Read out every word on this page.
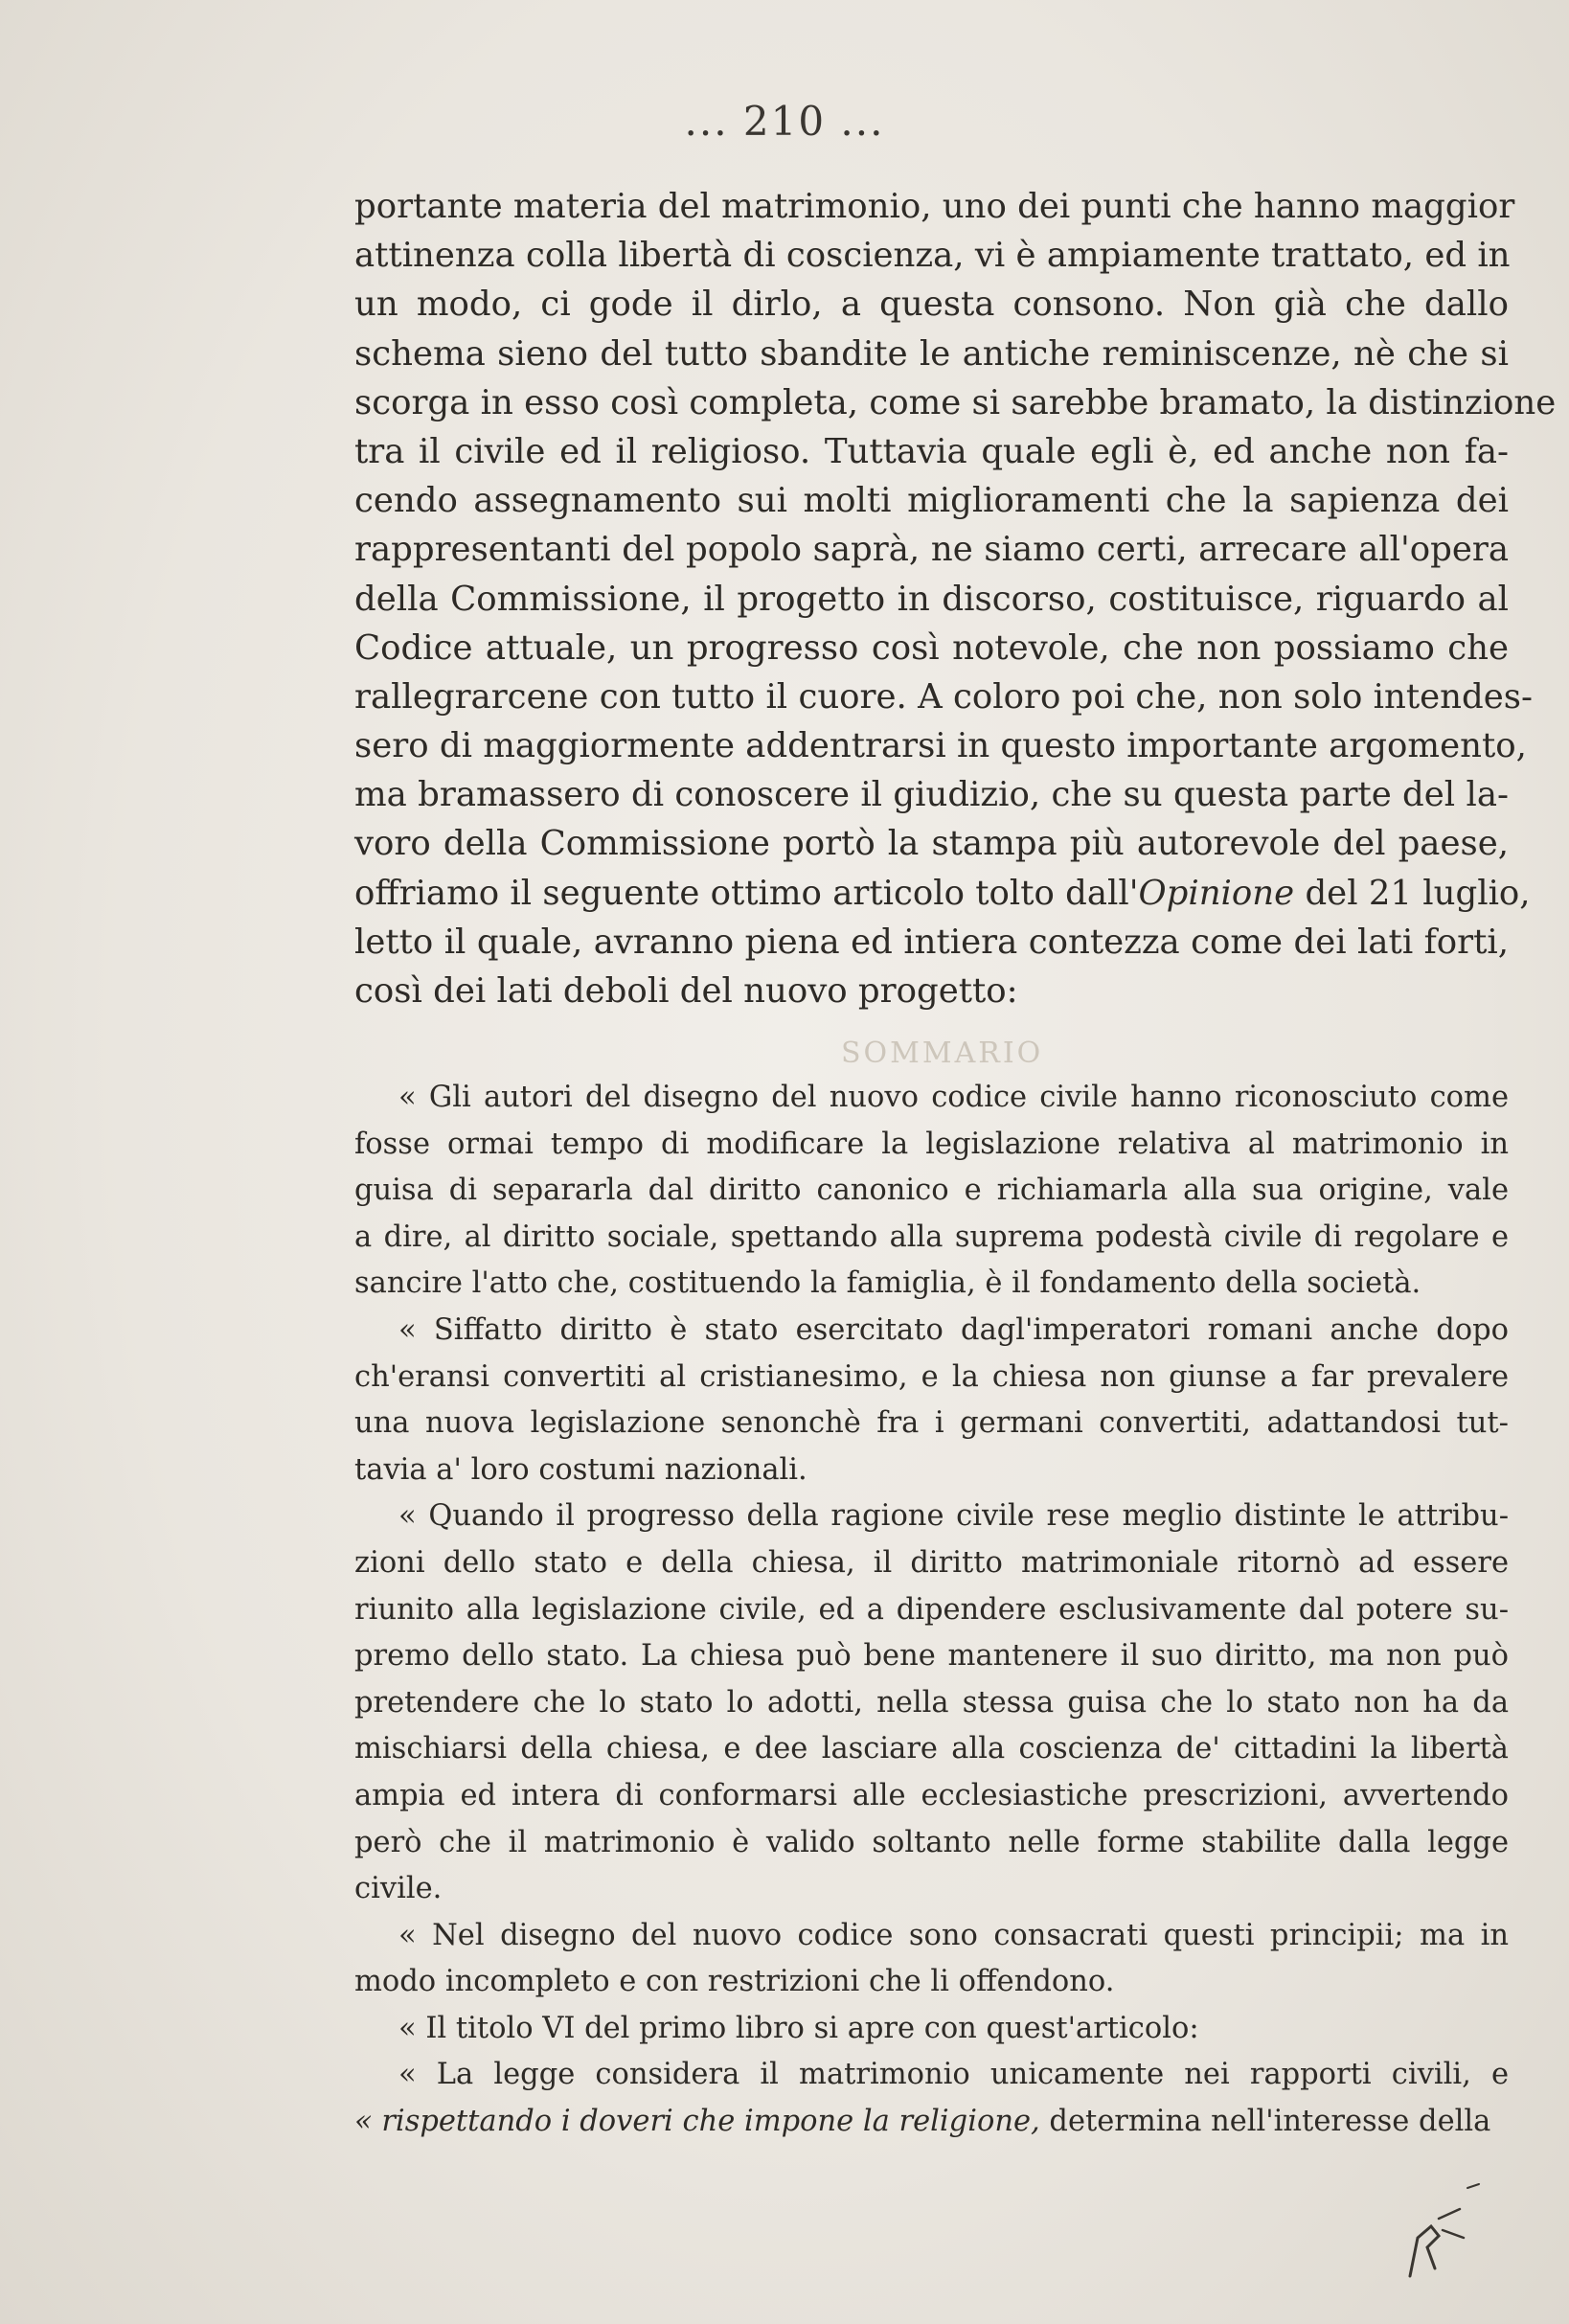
SOMMARIO
... 210 ...
portante materia del matrimonio, uno dei punti che hanno maggior
attinenza colla libertà di coscienza, vi è ampiamente trattato, ed in
un modo, ci gode il dirlo, a questa consono. Non già che dallo
schema sieno del tutto sbandite le antiche reminiscenze, nè che si
scorga in esso così completa, come si sarebbe bramato, la distinzione
tra il civile ed il religioso. Tuttavia quale egli è, ed anche non fa-
cendo assegnamento sui molti miglioramenti che la sapienza dei
rappresentanti del popolo saprà, ne siamo certi, arrecare all'opera
della Commissione, il progetto in discorso, costituisce, riguardo al
Codice attuale, un progresso così notevole, che non possiamo che
rallegrarcene con tutto il cuore. A coloro poi che, non solo intendes-
sero di maggiormente addentrarsi in questo importante argomento,
ma bramassero di conoscere il giudizio, che su questa parte del la-
voro della Commissione portò la stampa più autorevole del paese,
offriamo il seguente ottimo articolo tolto dall'Opinione del 21 luglio,
letto il quale, avranno piena ed intiera contezza come dei lati forti,
così dei lati deboli del nuovo progetto:
« Gli autori del disegno del nuovo codice civile hanno riconosciuto come
fosse ormai tempo di modificare la legislazione relativa al matrimonio in
guisa di separarla dal diritto canonico e richiamarla alla sua origine, vale
a dire, al diritto sociale, spettando alla suprema podestà civile di regolare e
sancire l'atto che, costituendo la famiglia, è il fondamento della società.
« Siffatto diritto è stato esercitato dagl'imperatori romani anche dopo
ch'eransi convertiti al cristianesimo, e la chiesa non giunse a far prevalere
una nuova legislazione senonchè fra i germani convertiti, adattandosi tut-
tavia a' loro costumi nazionali.
« Quando il progresso della ragione civile rese meglio distinte le attribu-
zioni dello stato e della chiesa, il diritto matrimoniale ritornò ad essere
riunito alla legislazione civile, ed a dipendere esclusivamente dal potere su-
premo dello stato. La chiesa può bene mantenere il suo diritto, ma non può
pretendere che lo stato lo adotti, nella stessa guisa che lo stato non ha da
mischiarsi della chiesa, e dee lasciare alla coscienza de' cittadini la libertà
ampia ed intera di conformarsi alle ecclesiastiche prescrizioni, avvertendo
però che il matrimonio è valido soltanto nelle forme stabilite dalla legge
civile.
« Nel disegno del nuovo codice sono consacrati questi principii; ma in
modo incompleto e con restrizioni che li offendono.
« Il titolo VI del primo libro si apre con quest'articolo:
« La legge considera il matrimonio unicamente nei rapporti civili, e
« rispettando i doveri che impone la religione, determina nell'interesse della
